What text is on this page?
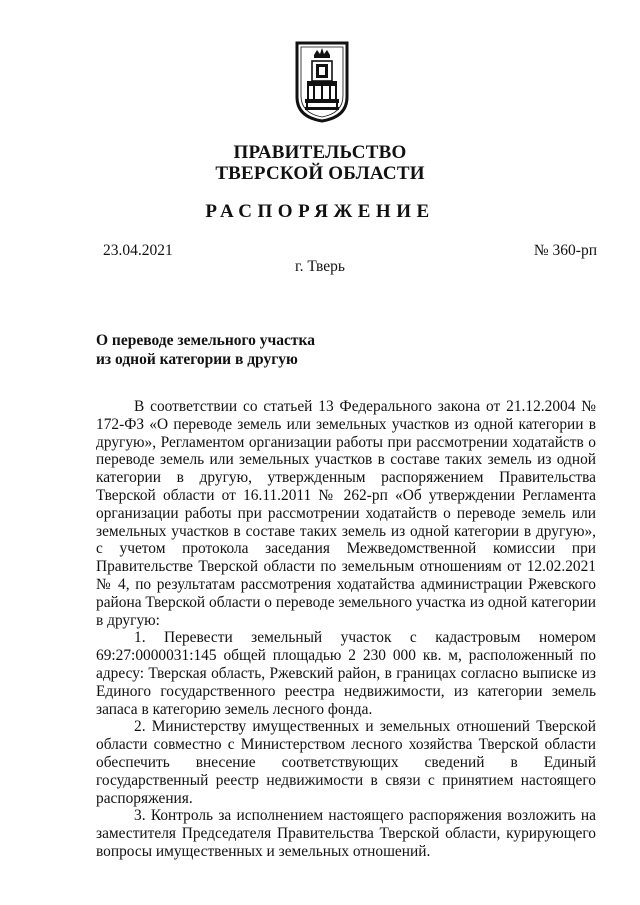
ПРАВИТЕЛЬСТВО
ТВЕРСКОЙ ОБЛАСТИ
РАСПОРЯЖЕНИЕ
23.04.2021	№ 360-рп
г. Тверь
О переводе земельного участка
из одной категории в другую

В соответствии со статьей 13 Федерального закона от 21.12.2004 № 172-ФЗ «О переводе земель или земельных участков из одной категории в другую», Регламентом организации работы при рассмотрении ходатайств о переводе земель или земельных участков в составе таких земель из одной категории в другую, утвержденным распоряжением Правительства Тверской области от 16.11.2011 № 262-рп «Об утверждении Регламента организации работы при рассмотрении ходатайств о переводе земель или земельных участков в составе таких земель из одной категории в другую», с учетом протокола заседания Межведомственной комиссии при Правительстве Тверской области по земельным отношениям от 12.02.2021 № 4, по результатам рассмотрения ходатайства администрации Ржевского района Тверской области о переводе земельного участка из одной категории в другую:

1. Перевести земельный участок с кадастровым номером 69:27:0000031:145 общей площадью 2 230 000 кв. м, расположенный по адресу: Тверская область, Ржевский район, в границах согласно выписке из Единого государственного реестра недвижимости, из категории земель запаса в категорию земель лесного фонда.

2. Министерству имущественных и земельных отношений Тверской области совместно с Министерством лесного хозяйства Тверской области обеспечить внесение соответствующих сведений в Единый государственный реестр недвижимости в связи с принятием настоящего распоряжения.

3. Контроль за исполнением настоящего распоряжения возложить на заместителя Председателя Правительства Тверской области, курирующего вопросы имущественных и земельных отношений.
